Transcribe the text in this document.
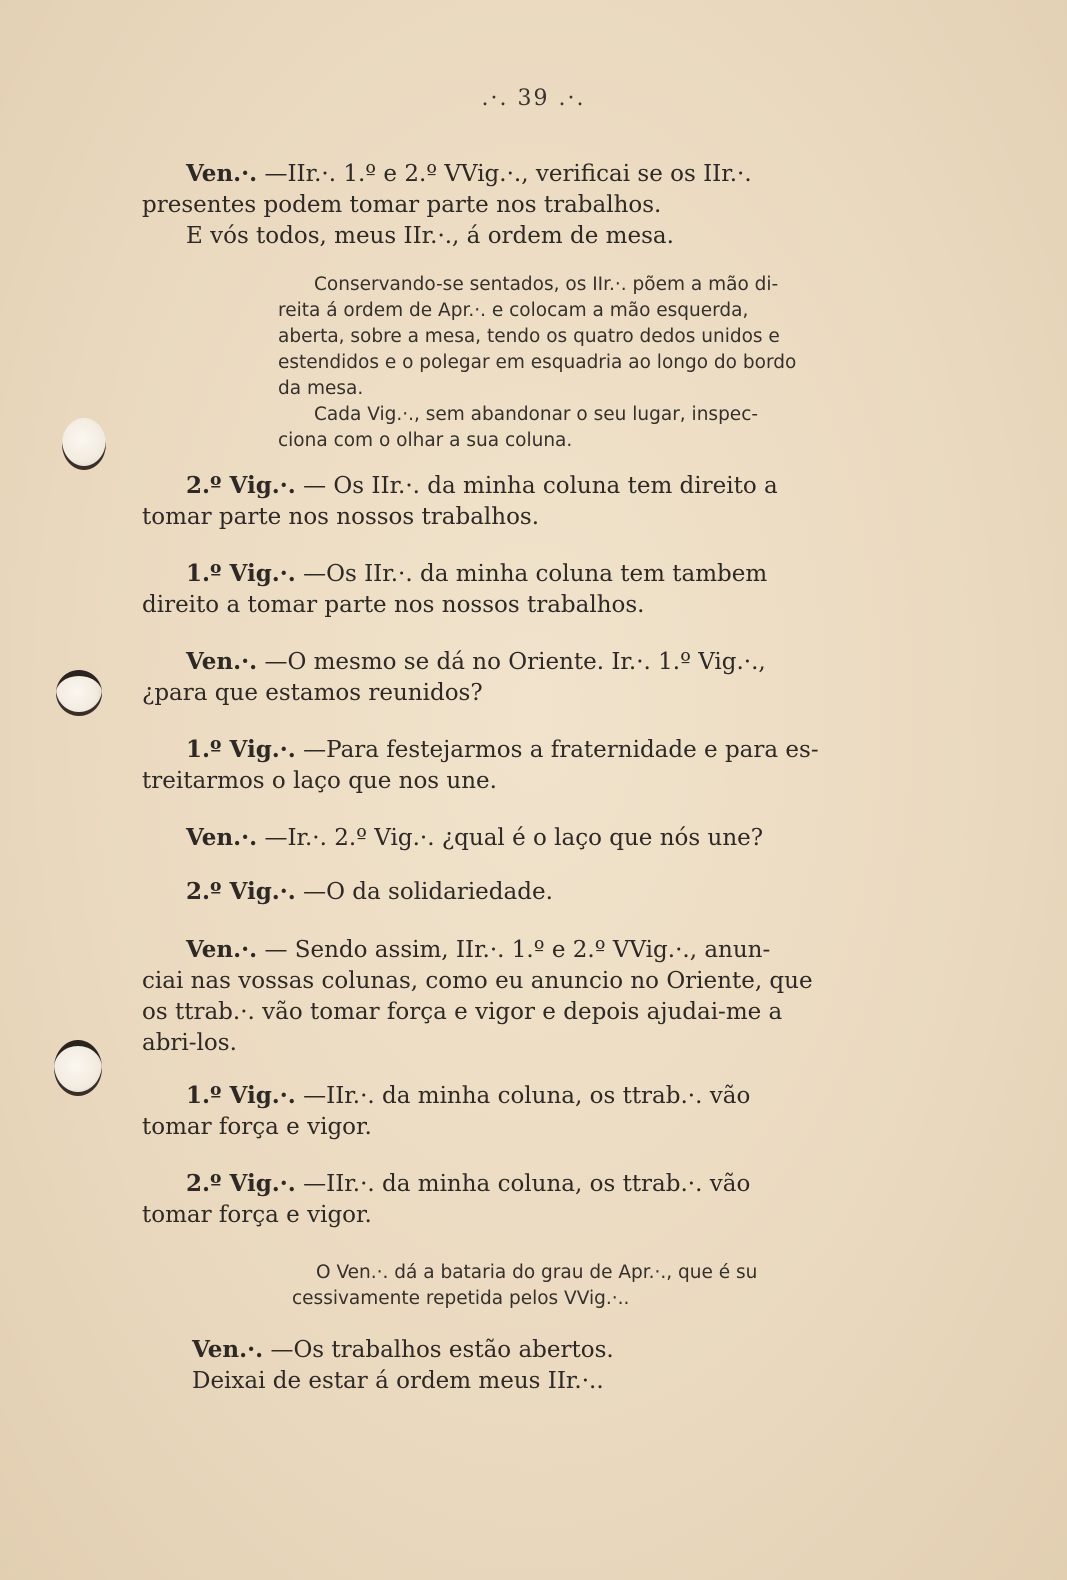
.·. 39 .·.

Ven.·. —IIr.·. 1.º e 2.º VVig.·., verificai se os IIr.·.
presentes podem tomar parte nos trabalhos.
E vós todos, meus IIr.·., á ordem de mesa.

Conservando-se sentados, os IIr.·. põem a mão di-
reita á ordem de Apr.·. e colocam a mão esquerda,
aberta, sobre a mesa, tendo os quatro dedos unidos e
estendidos e o polegar em esquadria ao longo do bordo
da mesa.
Cada Vig.·., sem abandonar o seu lugar, inspec-
ciona com o olhar a sua coluna.

2.º Vig.·. — Os IIr.·. da minha coluna tem direito a
tomar parte nos nossos trabalhos.

1.º Vig.·. —Os IIr.·. da minha coluna tem tambem
direito a tomar parte nos nossos trabalhos.

Ven.·. —O mesmo se dá no Oriente. Ir.·. 1.º Vig.·.,
¿para que estamos reunidos?

1.º Vig.·. —Para festejarmos a fraternidade e para es-
treitarmos o laço que nos une.

Ven.·. —Ir.·. 2.º Vig.·. ¿qual é o laço que nós une?

2.º Vig.·. —O da solidariedade.

Ven.·. — Sendo assim, IIr.·. 1.º e 2.º VVig.·., anun-
ciai nas vossas colunas, como eu anuncio no Oriente, que
os ttrab.·. vão tomar força e vigor e depois ajudai-me a
abri-los.

1.º Vig.·. —IIr.·. da minha coluna, os ttrab.·. vão
tomar força e vigor.

2.º Vig.·. —IIr.·. da minha coluna, os ttrab.·. vão
tomar força e vigor.

O Ven.·. dá a bataria do grau de Apr.·., que é su
cessivamente repetida pelos VVig.·..

Ven.·. —Os trabalhos estão abertos.
Deixai de estar á ordem meus IIr.·..
